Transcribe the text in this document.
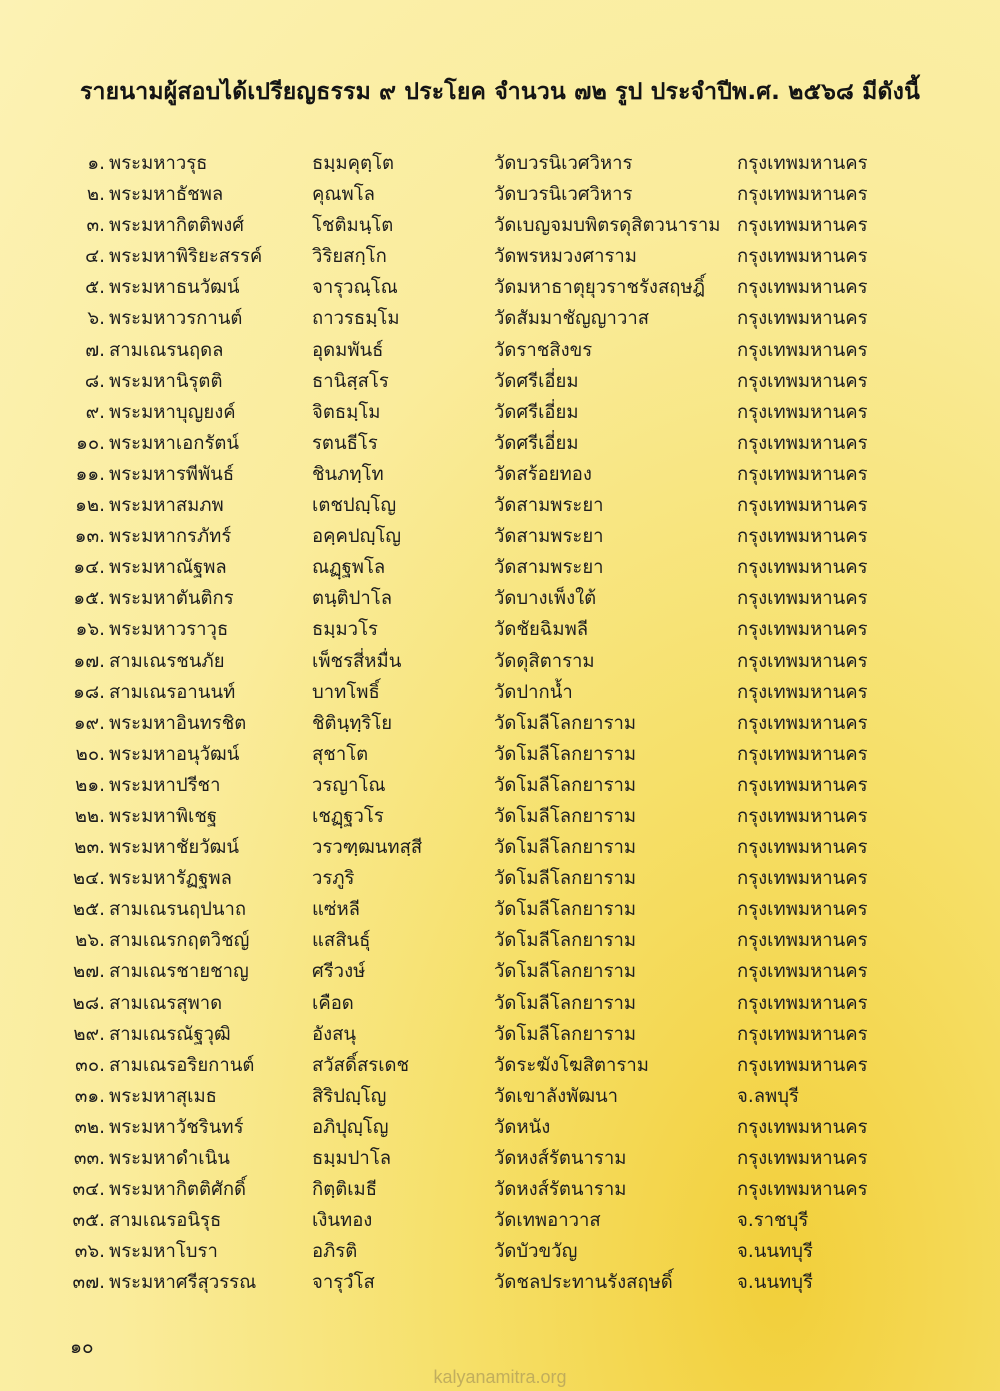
รายนามผู้สอบได้เปรียญธรรม ๙ ประโยค จำนวน ๗๒ รูป ประจำปีพ.ศ. ๒๕๖๘ มีดังนี้
๑. พระมหาวรุธ	ธมฺมคุตฺโต	วัดบวรนิเวศวิหาร	กรุงเทพมหานคร
๒. พระมหาธัชพล	คุณพโล	วัดบวรนิเวศวิหาร	กรุงเทพมหานคร
๓. พระมหากิตติพงศ์	โชติมนฺโต	วัดเบญจมบพิตรดุสิตวนาราม กรุงเทพมหานคร
๔. พระมหาพิริยะสรรค์	วิริยสกฺโก	วัดพรหมวงศาราม	กรุงเทพมหานคร
๕. พระมหาธนวัฒน์	จารุวณฺโณ	วัดมหาธาตุยุวราชรังสฤษฎิ์ กรุงเทพมหานคร
๖. พระมหาวรกานต์	ถาวรธมฺโม	วัดสัมมาชัญญาวาส	กรุงเทพมหานคร
๗. สามเณรนฤดล	อุดมพันธ์	วัดราชสิงขร	กรุงเทพมหานคร
๘. พระมหานิรุตติ	ธานิสฺสโร	วัดศรีเอี่ยม	กรุงเทพมหานคร
๙. พระมหาบุญยงค์	จิตธมฺโม	วัดศรีเอี่ยม	กรุงเทพมหานคร
๑๐. พระมหาเอกรัตน์	รตนธีโร	วัดศรีเอี่ยม	กรุงเทพมหานคร
๑๑. พระมหารพีพันธ์	ชินภทฺโท	วัดสร้อยทอง	กรุงเทพมหานคร
๑๒. พระมหาสมภพ	เตชปญฺโญ	วัดสามพระยา	กรุงเทพมหานคร
๑๓. พระมหากรภัทร์	อคฺคปญฺโญ	วัดสามพระยา	กรุงเทพมหานคร
๑๔. พระมหาณัฐพล	ณฏฺฐพโล	วัดสามพระยา	กรุงเทพมหานคร
๑๕. พระมหาตันติกร	ตนฺติปาโล	วัดบางเพ็งใต้	กรุงเทพมหานคร
๑๖. พระมหาวราวุธ	ธมฺมวโร	วัดชัยฉิมพลี	กรุงเทพมหานคร
๑๗. สามเณรชนภัย	เพ็ชรสี่หมื่น	วัดดุสิตาราม	กรุงเทพมหานคร
๑๘. สามเณรอานนท์	บาทโพธิ์	วัดปากน้ำ	กรุงเทพมหานคร
๑๙. พระมหาอินทรชิต	ชิตินฺทฺริโย	วัดโมลีโลกยาราม	กรุงเทพมหานคร
๒๐. พระมหาอนุวัฒน์	สุชาโต	วัดโมลีโลกยาราม	กรุงเทพมหานคร
๒๑. พระมหาปรีชา	วรญาโณ	วัดโมลีโลกยาราม	กรุงเทพมหานคร
๒๒. พระมหาพิเชฐ	เชฏฺฐวโร	วัดโมลีโลกยาราม	กรุงเทพมหานคร
๒๓. พระมหาชัยวัฒน์	วรวฑฺฒนทสฺสี	วัดโมลีโลกยาราม	กรุงเทพมหานคร
๒๔. พระมหารัฏฐพล	วรภูริ	วัดโมลีโลกยาราม	กรุงเทพมหานคร
๒๕. สามเณรนฤปนาถ	แซ่หลี	วัดโมลีโลกยาราม	กรุงเทพมหานคร
๒๖. สามเณรกฤตวิชญ์	แสสินธุ์	วัดโมลีโลกยาราม	กรุงเทพมหานคร
๒๗. สามเณรชายชาญ	ศรีวงษ์	วัดโมลีโลกยาราม	กรุงเทพมหานคร
๒๘. สามเณรสุพาด	เคือด	วัดโมลีโลกยาราม	กรุงเทพมหานคร
๒๙. สามเณรณัฐวุฒิ	อังสนุ	วัดโมลีโลกยาราม	กรุงเทพมหานคร
๓๐. สามเณรอริยกานต์	สวัสดิ์สรเดช	วัดระฆังโฆสิตาราม	กรุงเทพมหานคร
๓๑. พระมหาสุเมธ	สิริปญฺโญ	วัดเขาลังพัฒนา	จ.ลพบุรี
๓๒. พระมหาวัชรินทร์	อภิปุญฺโญ	วัดหนัง	กรุงเทพมหานคร
๓๓. พระมหาดำเนิน	ธมฺมปาโล	วัดหงส์รัตนาราม	กรุงเทพมหานคร
๓๔. พระมหากิตติศักดิ์	กิตฺติเมธี	วัดหงส์รัตนาราม	กรุงเทพมหานคร
๓๕. สามเณรอนิรุธ	เงินทอง	วัดเทพอาวาส	จ.ราชบุรี
๓๖. พระมหาโบรา	อภิรติ	วัดบัวขวัญ	จ.นนทบุรี
๓๗. พระมหาศรีสุวรรณ	จารุวํโส	วัดชลประทานรังสฤษดิ์	จ.นนทบุรี
๑๐
kalyanamitra.org
